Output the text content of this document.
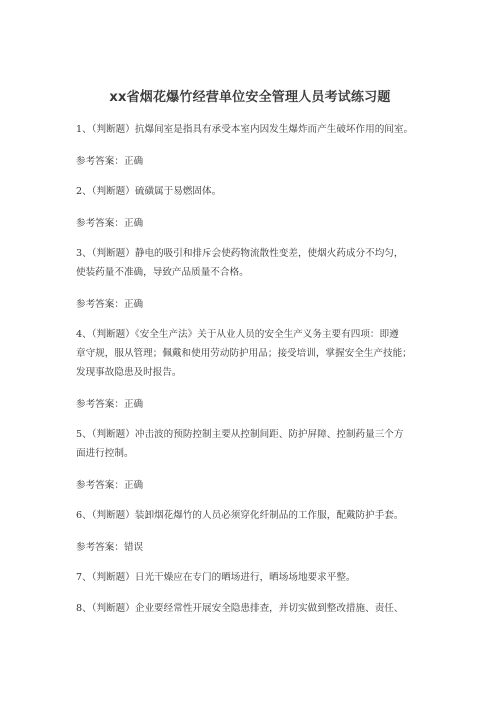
xx省烟花爆竹经营单位安全管理人员考试练习题
1、（判断题）抗爆间室是指具有承受本室内因发生爆炸而产生破坏作用的间室。
参考答案：正确
2、（判断题）硫磺属于易燃固体。
参考答案：正确
3、（判断题）静电的吸引和排斥会使药物流散性变差，使烟火药成分不均匀，
使装药量不准确，导致产品质量不合格。
参考答案：正确
4、（判断题）《安全生产法》关于从业人员的安全生产义务主要有四项：即遵
章守规，服从管理；佩戴和使用劳动防护用品；接受培训，掌握安全生产技能；
发现事故隐患及时报告。
参考答案：正确
5、（判断题）冲击波的预防控制主要从控制间距、防护屏障、控制药量三个方
面进行控制。
参考答案：正确
6、（判断题）装卸烟花爆竹的人员必须穿化纤制品的工作服，配戴防护手套。
参考答案：错误
7、（判断题）日光干燥应在专门的晒场进行，晒场场地要求平整。
8、（判断题）企业要经常性开展安全隐患排查，并切实做到整改措施、责任、
